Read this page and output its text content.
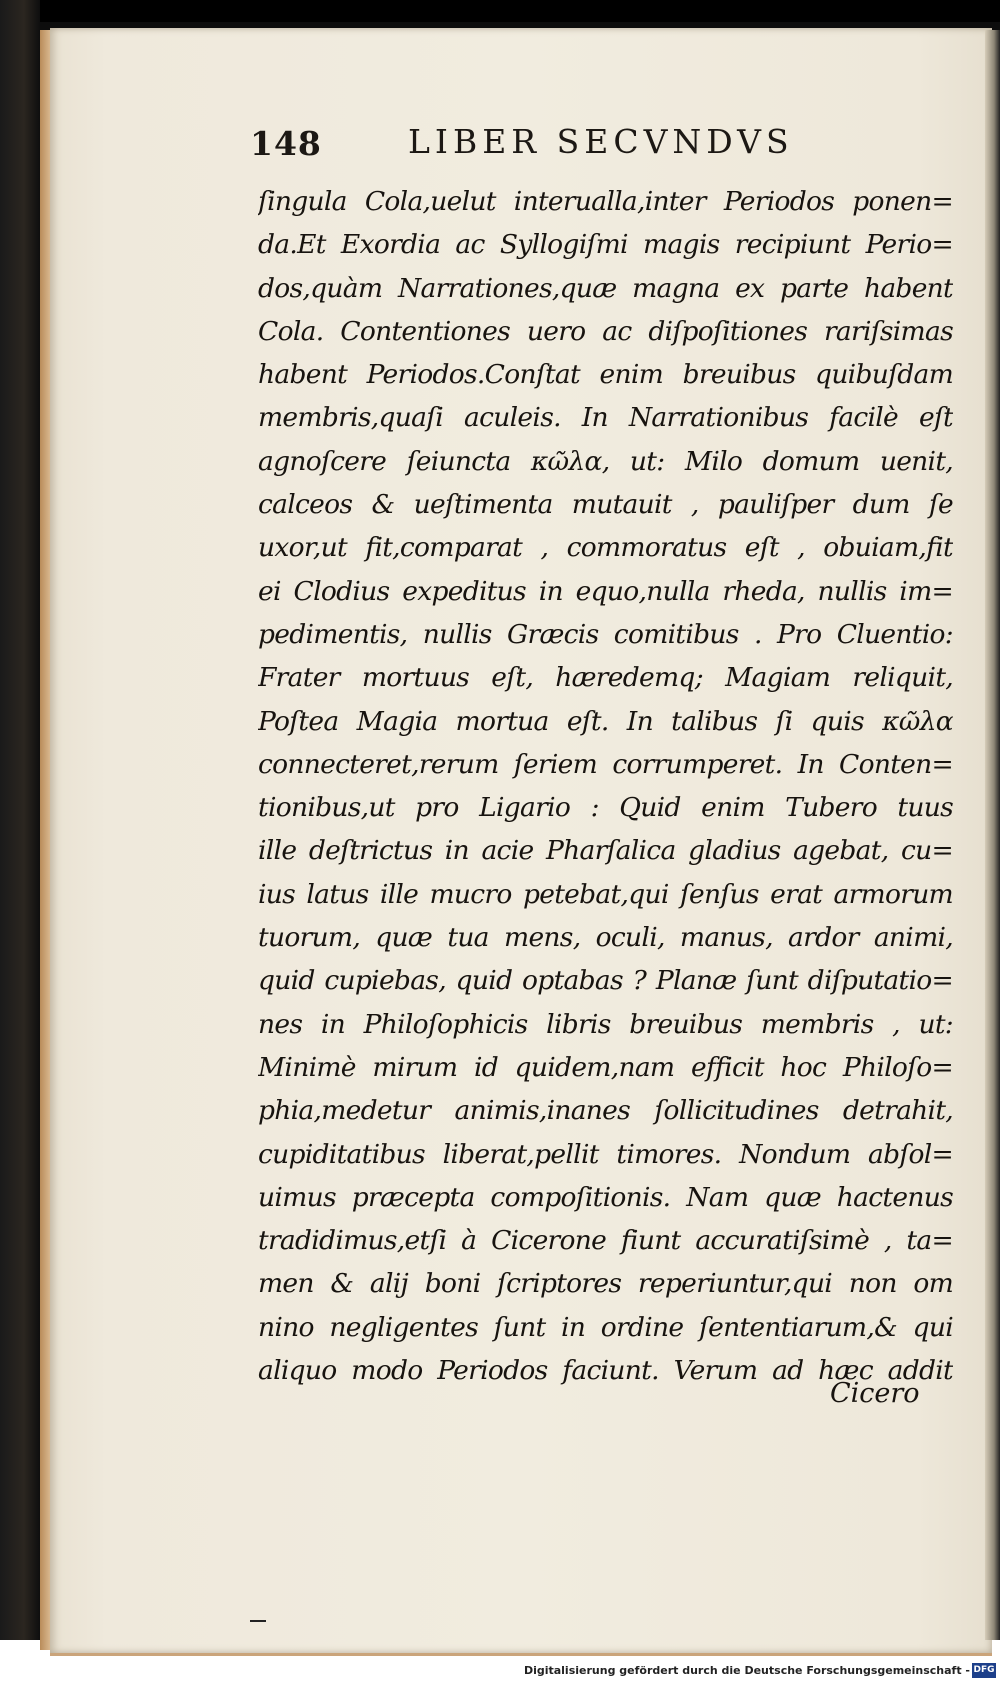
148	LIBER SECVNDVS
ſingula Cola,uelut interualla,inter Periodos ponen=
da.Et Exordia ac Syllogiſmi magis recipiunt Perio=
dos,quàm Narrationes,quæ magna ex parte habent
Cola. Contentiones uero ac diſpoſitiones rariſsimas
habent Periodos.Conſtat enim breuibus quibuſdam
membris,quaſi aculeis. In Narrationibus facilè eſt
agnoſcere ſeiuncta κῶλα, ut: Milo domum uenit,
calceos & ueſtimenta mutauit , pauliſper dum ſe
uxor,ut fit,comparat , commoratus eſt , obuiam,fit
ei Clodius expeditus in equo,nulla rheda, nullis im=
pedimentis, nullis Græcis comitibus . Pro Cluentio:
Frater mortuus eſt, hæredemq; Magiam reliquit,
Poſtea Magia mortua eſt. In talibus ſi quis κῶλα
connecteret,rerum ſeriem corrumperet. In Conten=
tionibus,ut pro Ligario : Quid enim Tubero tuus
ille deſtrictus in acie Pharſalica gladius agebat, cu=
ius latus ille mucro petebat,qui ſenſus erat armorum
tuorum, quæ tua mens, oculi, manus, ardor animi,
quid cupiebas, quid optabas ? Planæ ſunt diſputatio=
nes in Philoſophicis libris breuibus membris , ut:
Minimè mirum id quidem,nam efficit hoc Philoſo=
phia,medetur animis,inanes ſollicitudines detrahit,
cupiditatibus liberat,pellit timores. Nondum abſol=
uimus præcepta compoſitionis. Nam quæ hactenus
tradidimus,etſi à Cicerone fiunt accuratiſsimè , ta=
men & alij boni ſcriptores reperiuntur,qui non om
nino negligentes ſunt in ordine ſententiarum,& qui
aliquo modo Periodos faciunt. Verum ad hæc addit
Cicero
Digitalisierung gefördert durch die Deutsche Forschungsgemeinschaft - DFG
